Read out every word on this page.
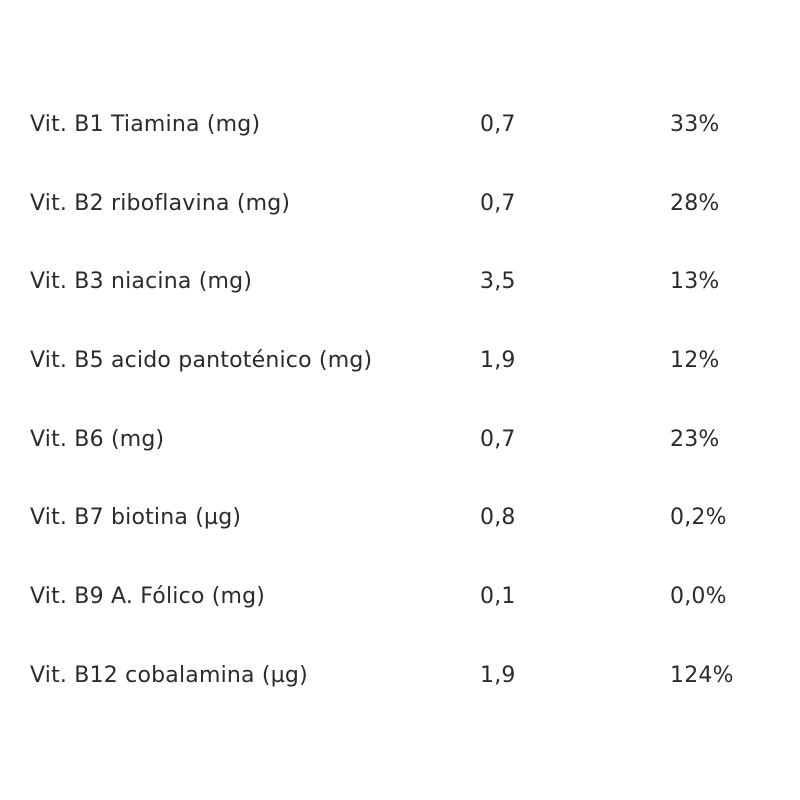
Vit. B1 Tiamina (mg)	0,7	33%
Vit. B2 riboflavina (mg)	0,7	28%
Vit. B3 niacina (mg)	3,5	13%
Vit. B5 acido pantoténico (mg)	1,9	12%
Vit. B6 (mg)	0,7	23%
Vit. B7 biotina (µg)	0,8	0,2%
Vit. B9 A. Fólico (mg)	0,1	0,0%
Vit. B12 cobalamina (µg)	1,9	124%
